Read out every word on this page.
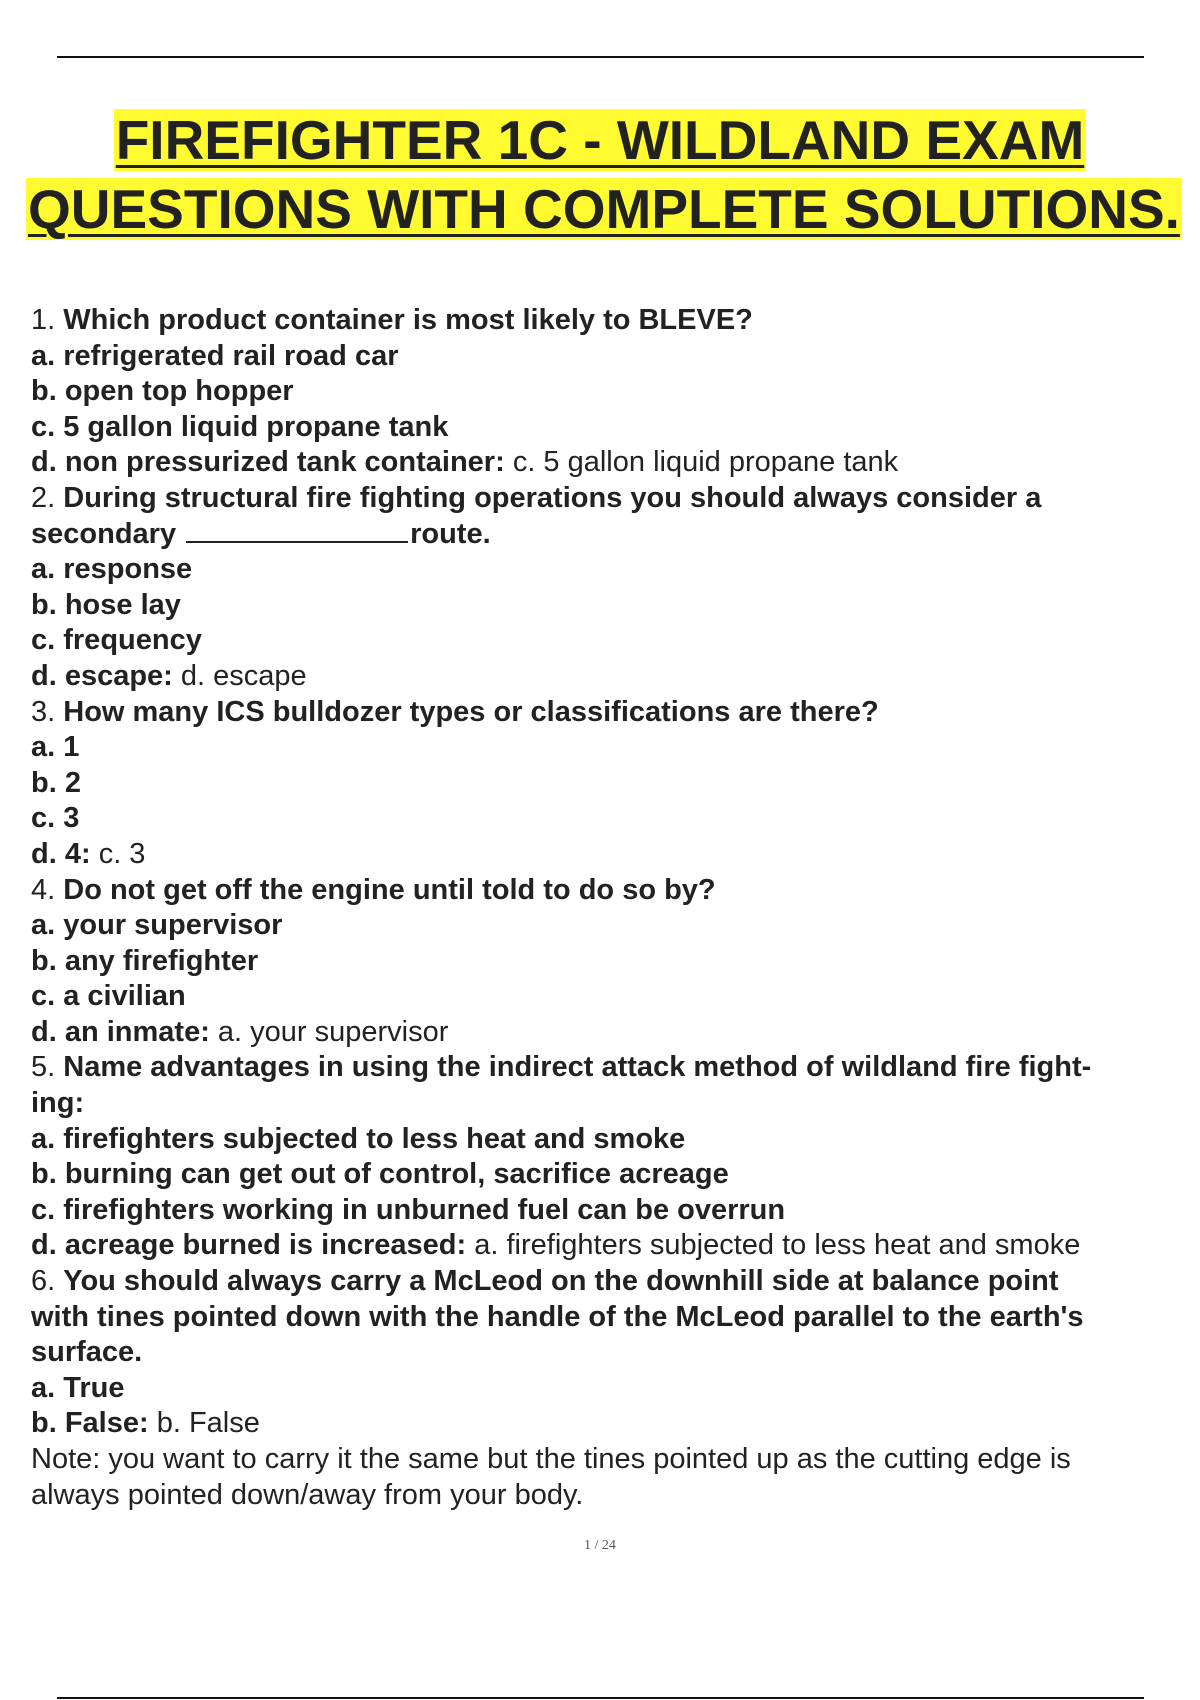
FIREFIGHTER 1C - WILDLAND EXAM
QUESTIONS WITH COMPLETE SOLUTIONS.
1. Which product container is most likely to BLEVE?
a. refrigerated rail road car
b. open top hopper
c. 5 gallon liquid propane tank
d. non pressurized tank container: c. 5 gallon liquid propane tank
2. During structural fire fighting operations you should always consider a
secondary	route.
a. response
b. hose lay
c. frequency
d. escape: d. escape
3. How many ICS bulldozer types or classifications are there?
a. 1
b. 2
c. 3
d. 4: c. 3
4. Do not get off the engine until told to do so by?
a. your supervisor
b. any firefighter
c. a civilian
d. an inmate: a. your supervisor
5. Name advantages in using the indirect attack method of wildland fire fight-
ing:
a. firefighters subjected to less heat and smoke
b. burning can get out of control, sacrifice acreage
c. firefighters working in unburned fuel can be overrun
d. acreage burned is increased: a. firefighters subjected to less heat and smoke
6. You should always carry a McLeod on the downhill side at balance point
with tines pointed down with the handle of the McLeod parallel to the earth's
surface.
a. True
b. False: b. False
Note: you want to carry it the same but the tines pointed up as the cutting edge is
always pointed down/away from your body.
1 / 24
